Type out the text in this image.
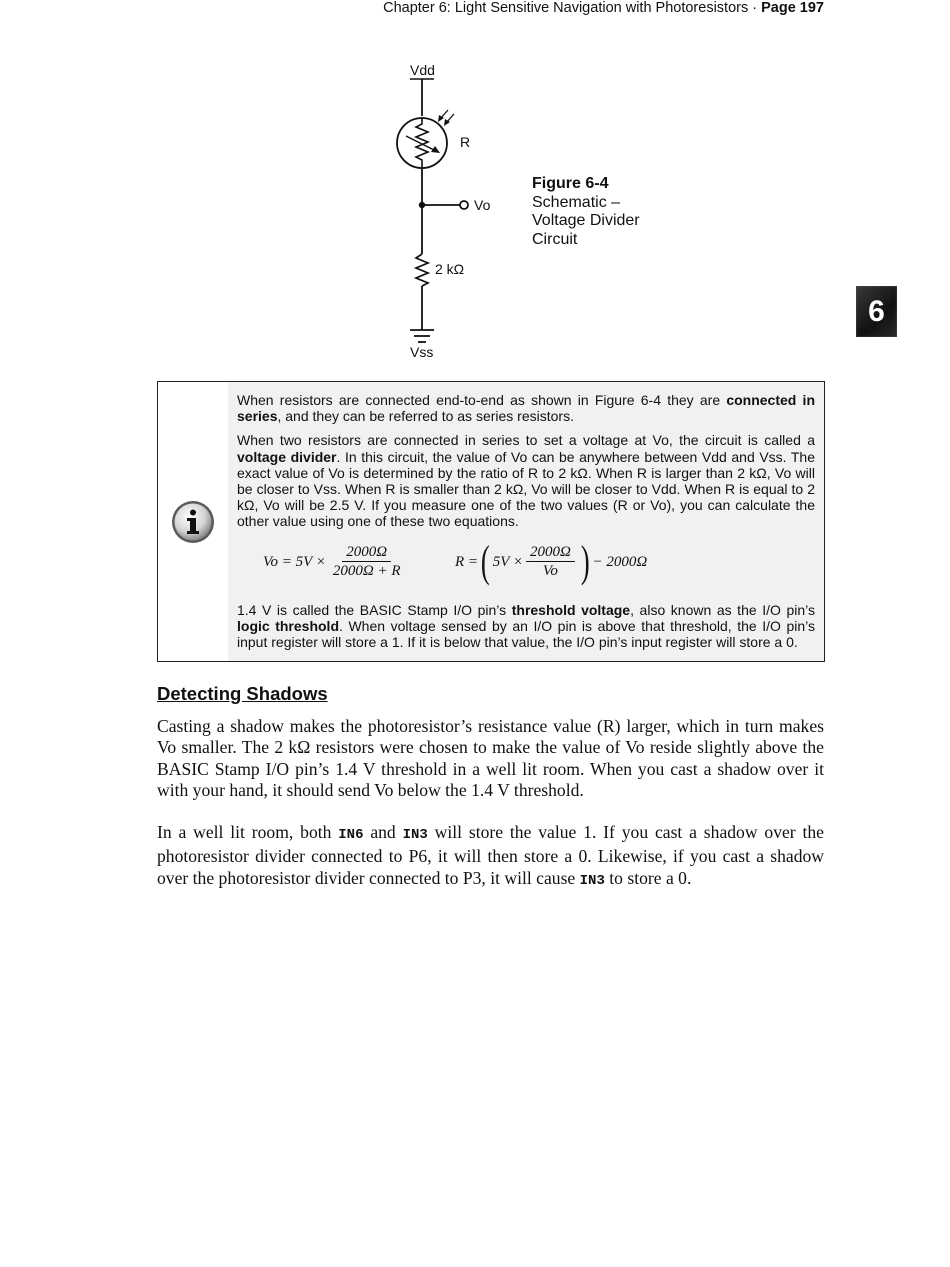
Chapter 6: Light Sensitive Navigation with Photoresistors · Page 197
Vdd
R
Vo
2 kΩ
Vss
Figure 6-4
Schematic –
Voltage Divider
Circuit
6

When resistors are connected end-to-end as shown in Figure 6-4 they are connected in series, and they can be referred to as series resistors.

When two resistors are connected in series to set a voltage at Vo, the circuit is called a voltage divider. In this circuit, the value of Vo can be anywhere between Vdd and Vss. The exact value of Vo is determined by the ratio of R to 2 kΩ. When R is larger than 2 kΩ, Vo will be closer to Vss. When R is smaller than 2 kΩ, Vo will be closer to Vdd. When R is equal to 2 kΩ, Vo will be 2.5 V. If you measure one of the two values (R or Vo), you can calculate the other value using one of these two equations.

$Vo = 5V \times \frac{2000\Omega}{2000\Omega + R}$	R = ( $5V \times \frac{2000\Omega}{Vo}$ ) − 2000Ω

1.4 V is called the BASIC Stamp I/O pin’s threshold voltage, also known as the I/O pin’s logic threshold. When voltage sensed by an I/O pin is above that threshold, the I/O pin’s input register will store a 1. If it is below that value, the I/O pin’s input register will store a 0.

Detecting Shadows

Casting a shadow makes the photoresistor’s resistance value (R) larger, which in turn makes Vo smaller. The 2 kΩ resistors were chosen to make the value of Vo reside slightly above the BASIC Stamp I/O pin’s 1.4 V threshold in a well lit room. When you cast a shadow over it with your hand, it should send Vo below the 1.4 V threshold.

In a well lit room, both IN6 and IN3 will store the value 1. If you cast a shadow over the photoresistor divider connected to P6, it will then store a 0. Likewise, if you cast a shadow over the photoresistor divider connected to P3, it will cause IN3 to store a 0.
